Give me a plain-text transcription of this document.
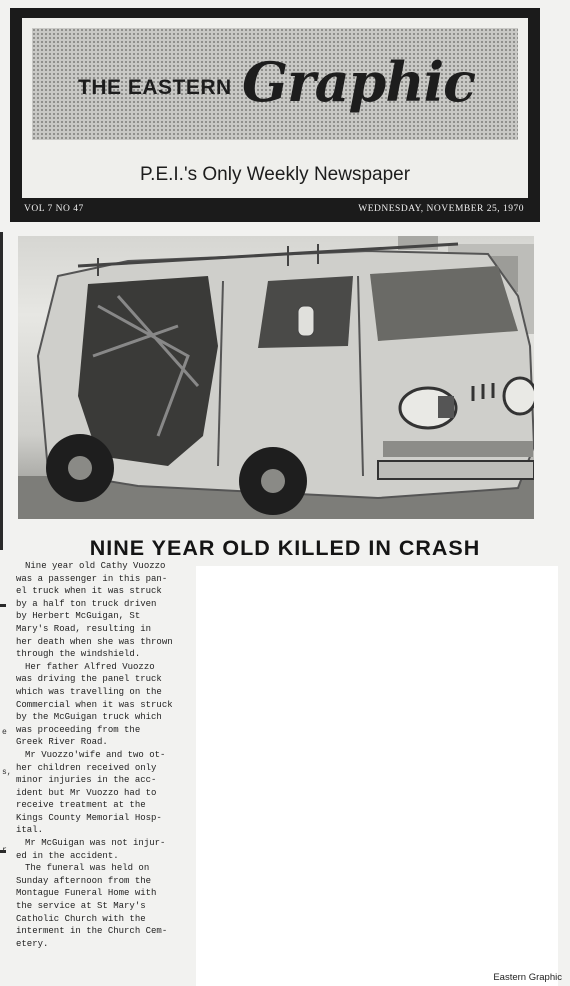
THE EASTERN Graphic
P.E.I.'s Only Weekly Newspaper
VOL 7 NO 47	WEDNESDAY, NOVEMBER 25, 1970
e
s,
r
NINE YEAR OLD KILLED IN CRASH

Nine year old Cathy Vuozzo
was a passenger in this pan-
el truck when it was struck
by a half ton truck driven
by Herbert McGuigan, St
Mary's Road, resulting in
her death when she was thrown
through the windshield.

Her father Alfred Vuozzo
was driving the panel truck
which was travelling on the
Commercial when it was struck
by the McGuigan truck which
was proceeding from the
Greek River Road.

Mr Vuozzo'wife and two ot-
her children received only
minor injuries in the acc-
ident but Mr Vuozzo had to
receive treatment at the
Kings County Memorial Hosp-
ital.

Mr McGuigan was not injur-
ed in the accident.

The funeral was held on
Sunday afternoon from the
Montague Funeral Home with
the service at St Mary's
Catholic Church with the
interment in the Church Cem-
etery.

Eastern Graphic
